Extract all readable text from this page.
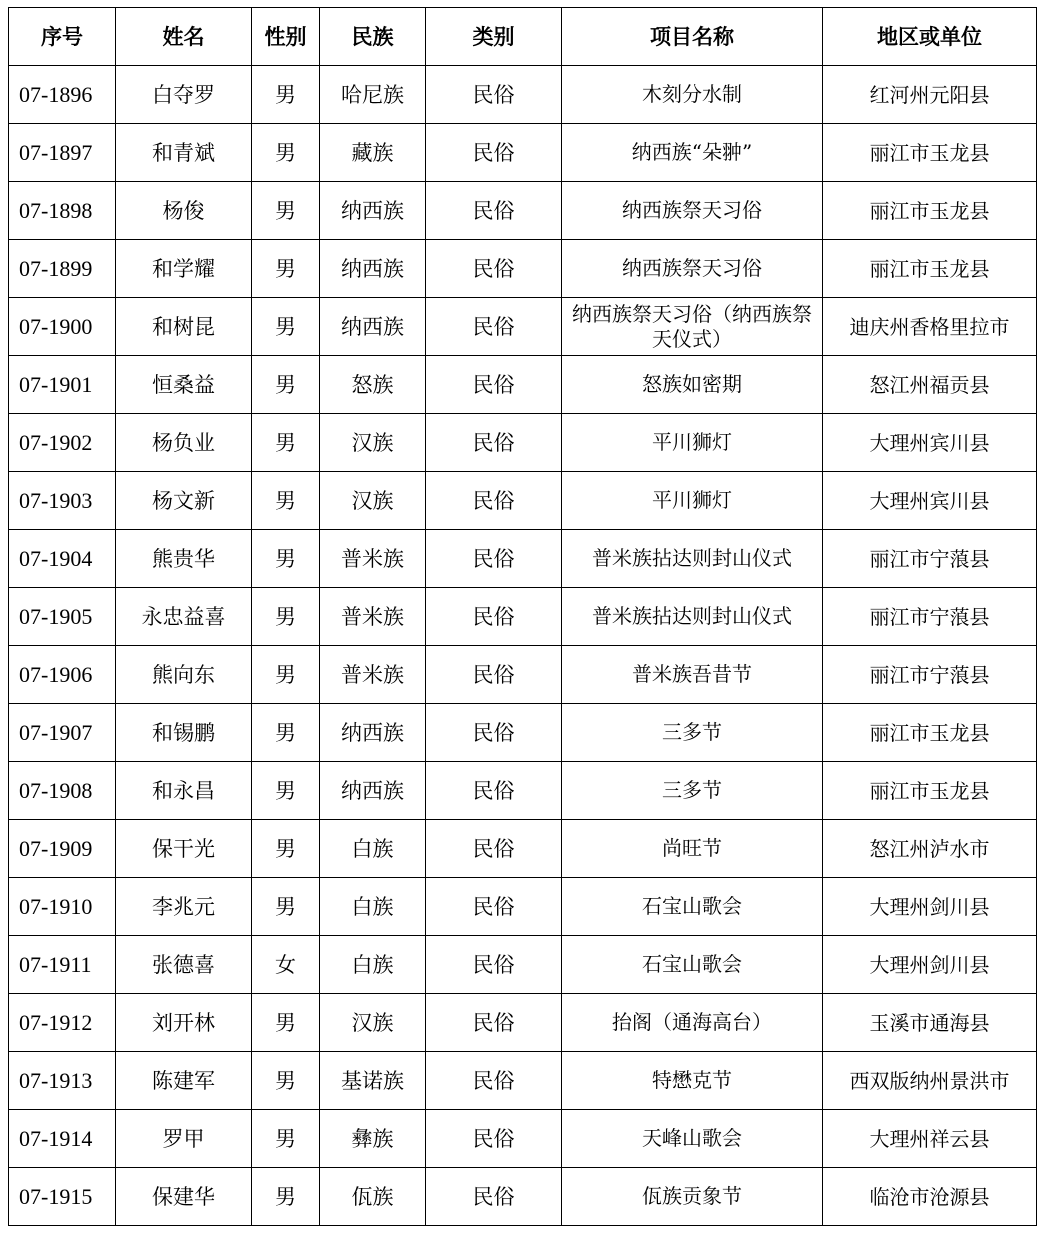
序号	姓名	性别	民族	类别	项目名称	地区或单位
07-1896	白夺罗	男	哈尼族	民俗	木刻分水制	红河州元阳县
07-1897	和青斌	男	藏族	民俗	纳西族“朵翀”	丽江市玉龙县
07-1898	杨俊	男	纳西族	民俗	纳西族祭天习俗	丽江市玉龙县
07-1899	和学耀	男	纳西族	民俗	纳西族祭天习俗	丽江市玉龙县
07-1900	和树昆	男	纳西族	民俗	纳西族祭天习俗（纳西族祭天仪式）	迪庆州香格里拉市
07-1901	恒桑益	男	怒族	民俗	怒族如密期	怒江州福贡县
07-1902	杨负业	男	汉族	民俗	平川狮灯	大理州宾川县
07-1903	杨文新	男	汉族	民俗	平川狮灯	大理州宾川县
07-1904	熊贵华	男	普米族	民俗	普米族拈达则封山仪式	丽江市宁蒗县
07-1905	永忠益喜	男	普米族	民俗	普米族拈达则封山仪式	丽江市宁蒗县
07-1906	熊向东	男	普米族	民俗	普米族吾昔节	丽江市宁蒗县
07-1907	和锡鹏	男	纳西族	民俗	三多节	丽江市玉龙县
07-1908	和永昌	男	纳西族	民俗	三多节	丽江市玉龙县
07-1909	保干光	男	白族	民俗	尚旺节	怒江州泸水市
07-1910	李兆元	男	白族	民俗	石宝山歌会	大理州剑川县
07-1911	张德喜	女	白族	民俗	石宝山歌会	大理州剑川县
07-1912	刘开林	男	汉族	民俗	抬阁（通海高台）	玉溪市通海县
07-1913	陈建军	男	基诺族	民俗	特懋克节	西双版纳州景洪市
07-1914	罗甲	男	彝族	民俗	天峰山歌会	大理州祥云县
07-1915	保建华	男	佤族	民俗	佤族贡象节	临沧市沧源县
